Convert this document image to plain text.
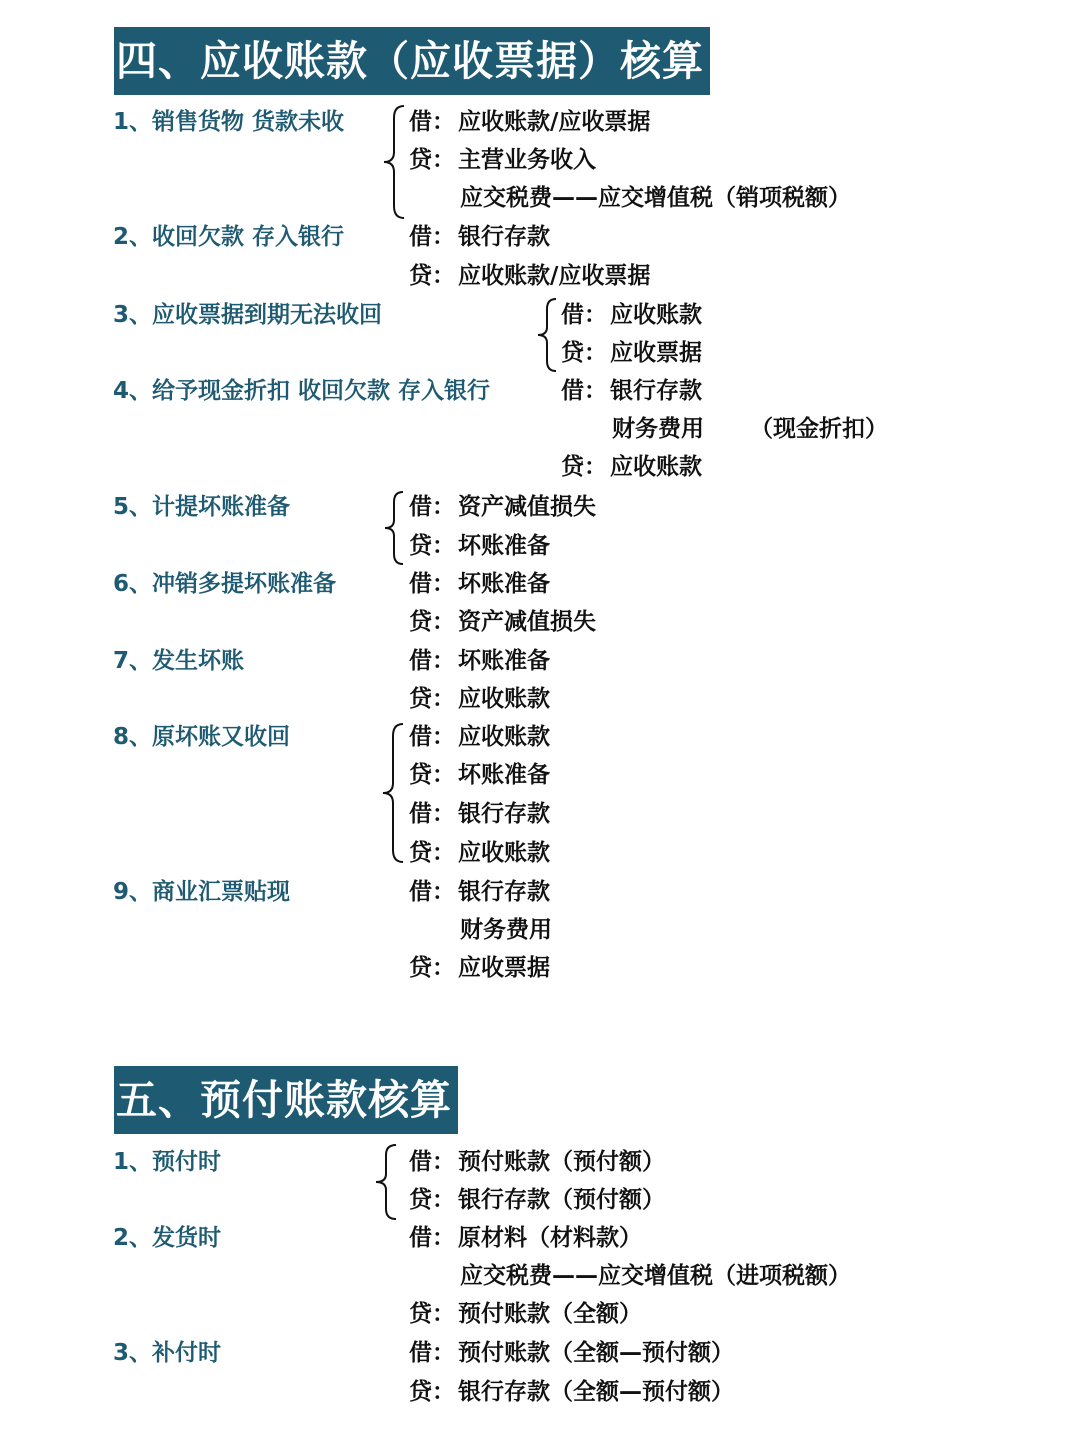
四、应收账款（应收票据）核算
1、销售货物 货款未收	借： 应收账款/应收票据
贷： 主营业务收入
应交税费——应交增值税（销项税额）
2、收回欠款 存入银行	借： 银行存款
贷： 应收账款/应收票据
3、应收票据到期无法收回	借： 应收账款
贷： 应收票据
4、给予现金折扣 收回欠款 存入银行	借： 银行存款
财务费用 （现金折扣）
贷： 应收账款
5、计提坏账准备	借： 资产减值损失
贷： 坏账准备
6、冲销多提坏账准备	借： 坏账准备
贷： 资产减值损失
7、发生坏账	借： 坏账准备
贷： 应收账款
8、原坏账又收回	借： 应收账款
贷： 坏账准备
借： 银行存款
贷： 应收账款
9、商业汇票贴现	借： 银行存款
财务费用
贷： 应收票据
五、预付账款核算
1、预付时	借： 预付账款（预付额）
贷： 银行存款（预付额）
2、发货时	借： 原材料（材料款）
应交税费——应交增值税（进项税额）
贷： 预付账款（全额）
3、补付时	借： 预付账款（全额—预付额）
贷： 银行存款（全额—预付额）
